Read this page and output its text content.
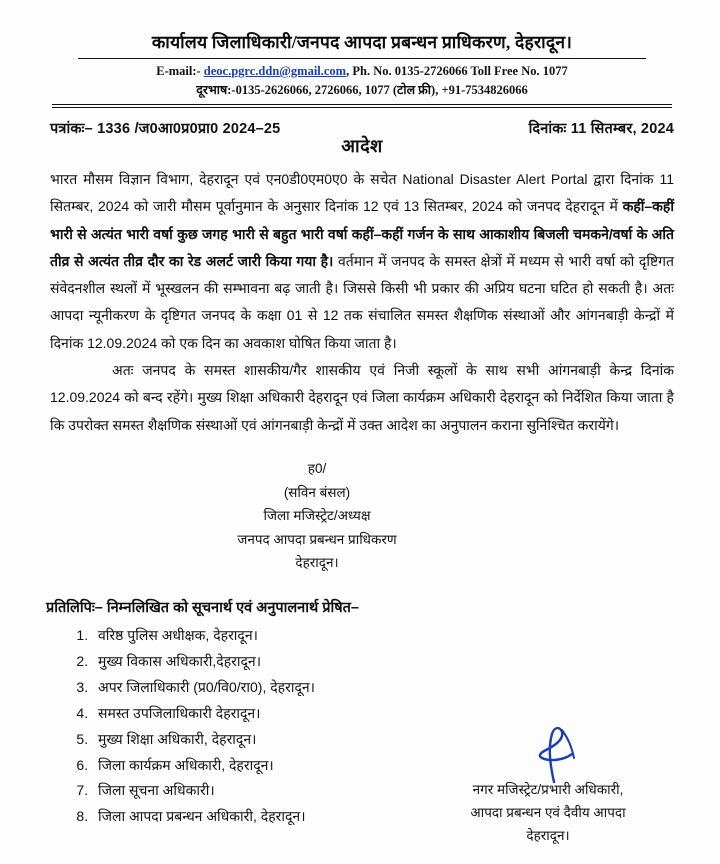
कार्यालय जिलाधिकारी/जनपद आपदा प्रबन्धन प्राधिकरण, देहरादून।
E-mail:- deoc.pgrc.ddn@gmail.com, Ph. No. 0135-2726066 Toll Free No. 1077
दूरभाष:-0135-2626066, 2726066, 1077 (टोल फ्री), +91-7534826066
पत्रांकः– 1336 /ज0आ0प्र0प्रा0 2024–25	दिनांकः 11 सितम्बर, 2024
आदेश

भारत मौसम विज्ञान विभाग, देहरादून एवं एन0डी0एम0ए0 के सचेत National Disaster Alert Portal द्वारा दिनांक 11 सितम्बर, 2024 को जारी मौसम पूर्वानुमान के अनुसार दिनांक 12 एवं 13 सितम्बर, 2024 को जनपद देहरादून में कहीं–कहीं भारी से अत्यंत भारी वर्षा कुछ जगह भारी से बहुत भारी वर्षा कहीं–कहीं गर्जन के साथ आकाशीय बिजली चमकने/वर्षा के अति तीव्र से अत्यंत तीव्र दौर का रेड अलर्ट जारी किया गया है। वर्तमान में जनपद के समस्त क्षेत्रों में मध्यम से भारी वर्षा को दृष्टिगत संवेदनशील स्थलों में भूस्खलन की सम्भावना बढ़ जाती है। जिससे किसी भी प्रकार की अप्रिय घटना घटित हो सकती है। अतः आपदा न्यूनीकरण के दृष्टिगत जनपद के कक्षा 01 से 12 तक संचालित समस्त शैक्षणिक संस्थाओं और आंगनबाड़ी केन्द्रों में दिनांक 12.09.2024 को एक दिन का अवकाश घोषित किया जाता है।

अतः जनपद के समस्त शासकीय/गैर शासकीय एवं निजी स्कूलों के साथ सभी आंगनबाड़ी केन्द्र दिनांक 12.09.2024 को बन्द रहेंगे। मुख्य शिक्षा अधिकारी देहरादून एवं जिला कार्यक्रम अधिकारी देहरादून को निर्देशित किया जाता है कि उपरोक्त समस्त शैक्षणिक संस्थाओं एवं आंगनबाड़ी केन्द्रों में उक्त आदेश का अनुपालन कराना सुनिश्चित करायेंगे।

ह0/
(सविन बंसल)
जिला मजिस्ट्रेट/अध्यक्ष
जनपद आपदा प्रबन्धन प्राधिकरण
देहरादून।
प्रतिलिपिः– निम्नलिखित को सूचनार्थ एवं अनुपालनार्थ प्रेषित–
1. वरिष्ठ पुलिस अधीक्षक, देहरादून।
2. मुख्य विकास अधिकारी,देहरादून।
3. अपर जिलाधिकारी (प्र0/वि0/रा0), देहरादून।
4. समस्त उपजिलाधिकारी देहरादून।
5. मुख्य शिक्षा अधिकारी, देहरादून।
6. जिला कार्यक्रम अधिकारी, देहरादून।
7. जिला सूचना अधिकारी।
8. जिला आपदा प्रबन्धन अधिकारी, देहरादून।
नगर मजिस्ट्रेट/प्रभारी अधिकारी,
आपदा प्रबन्धन एवं दैवीय आपदा
देहरादून।
